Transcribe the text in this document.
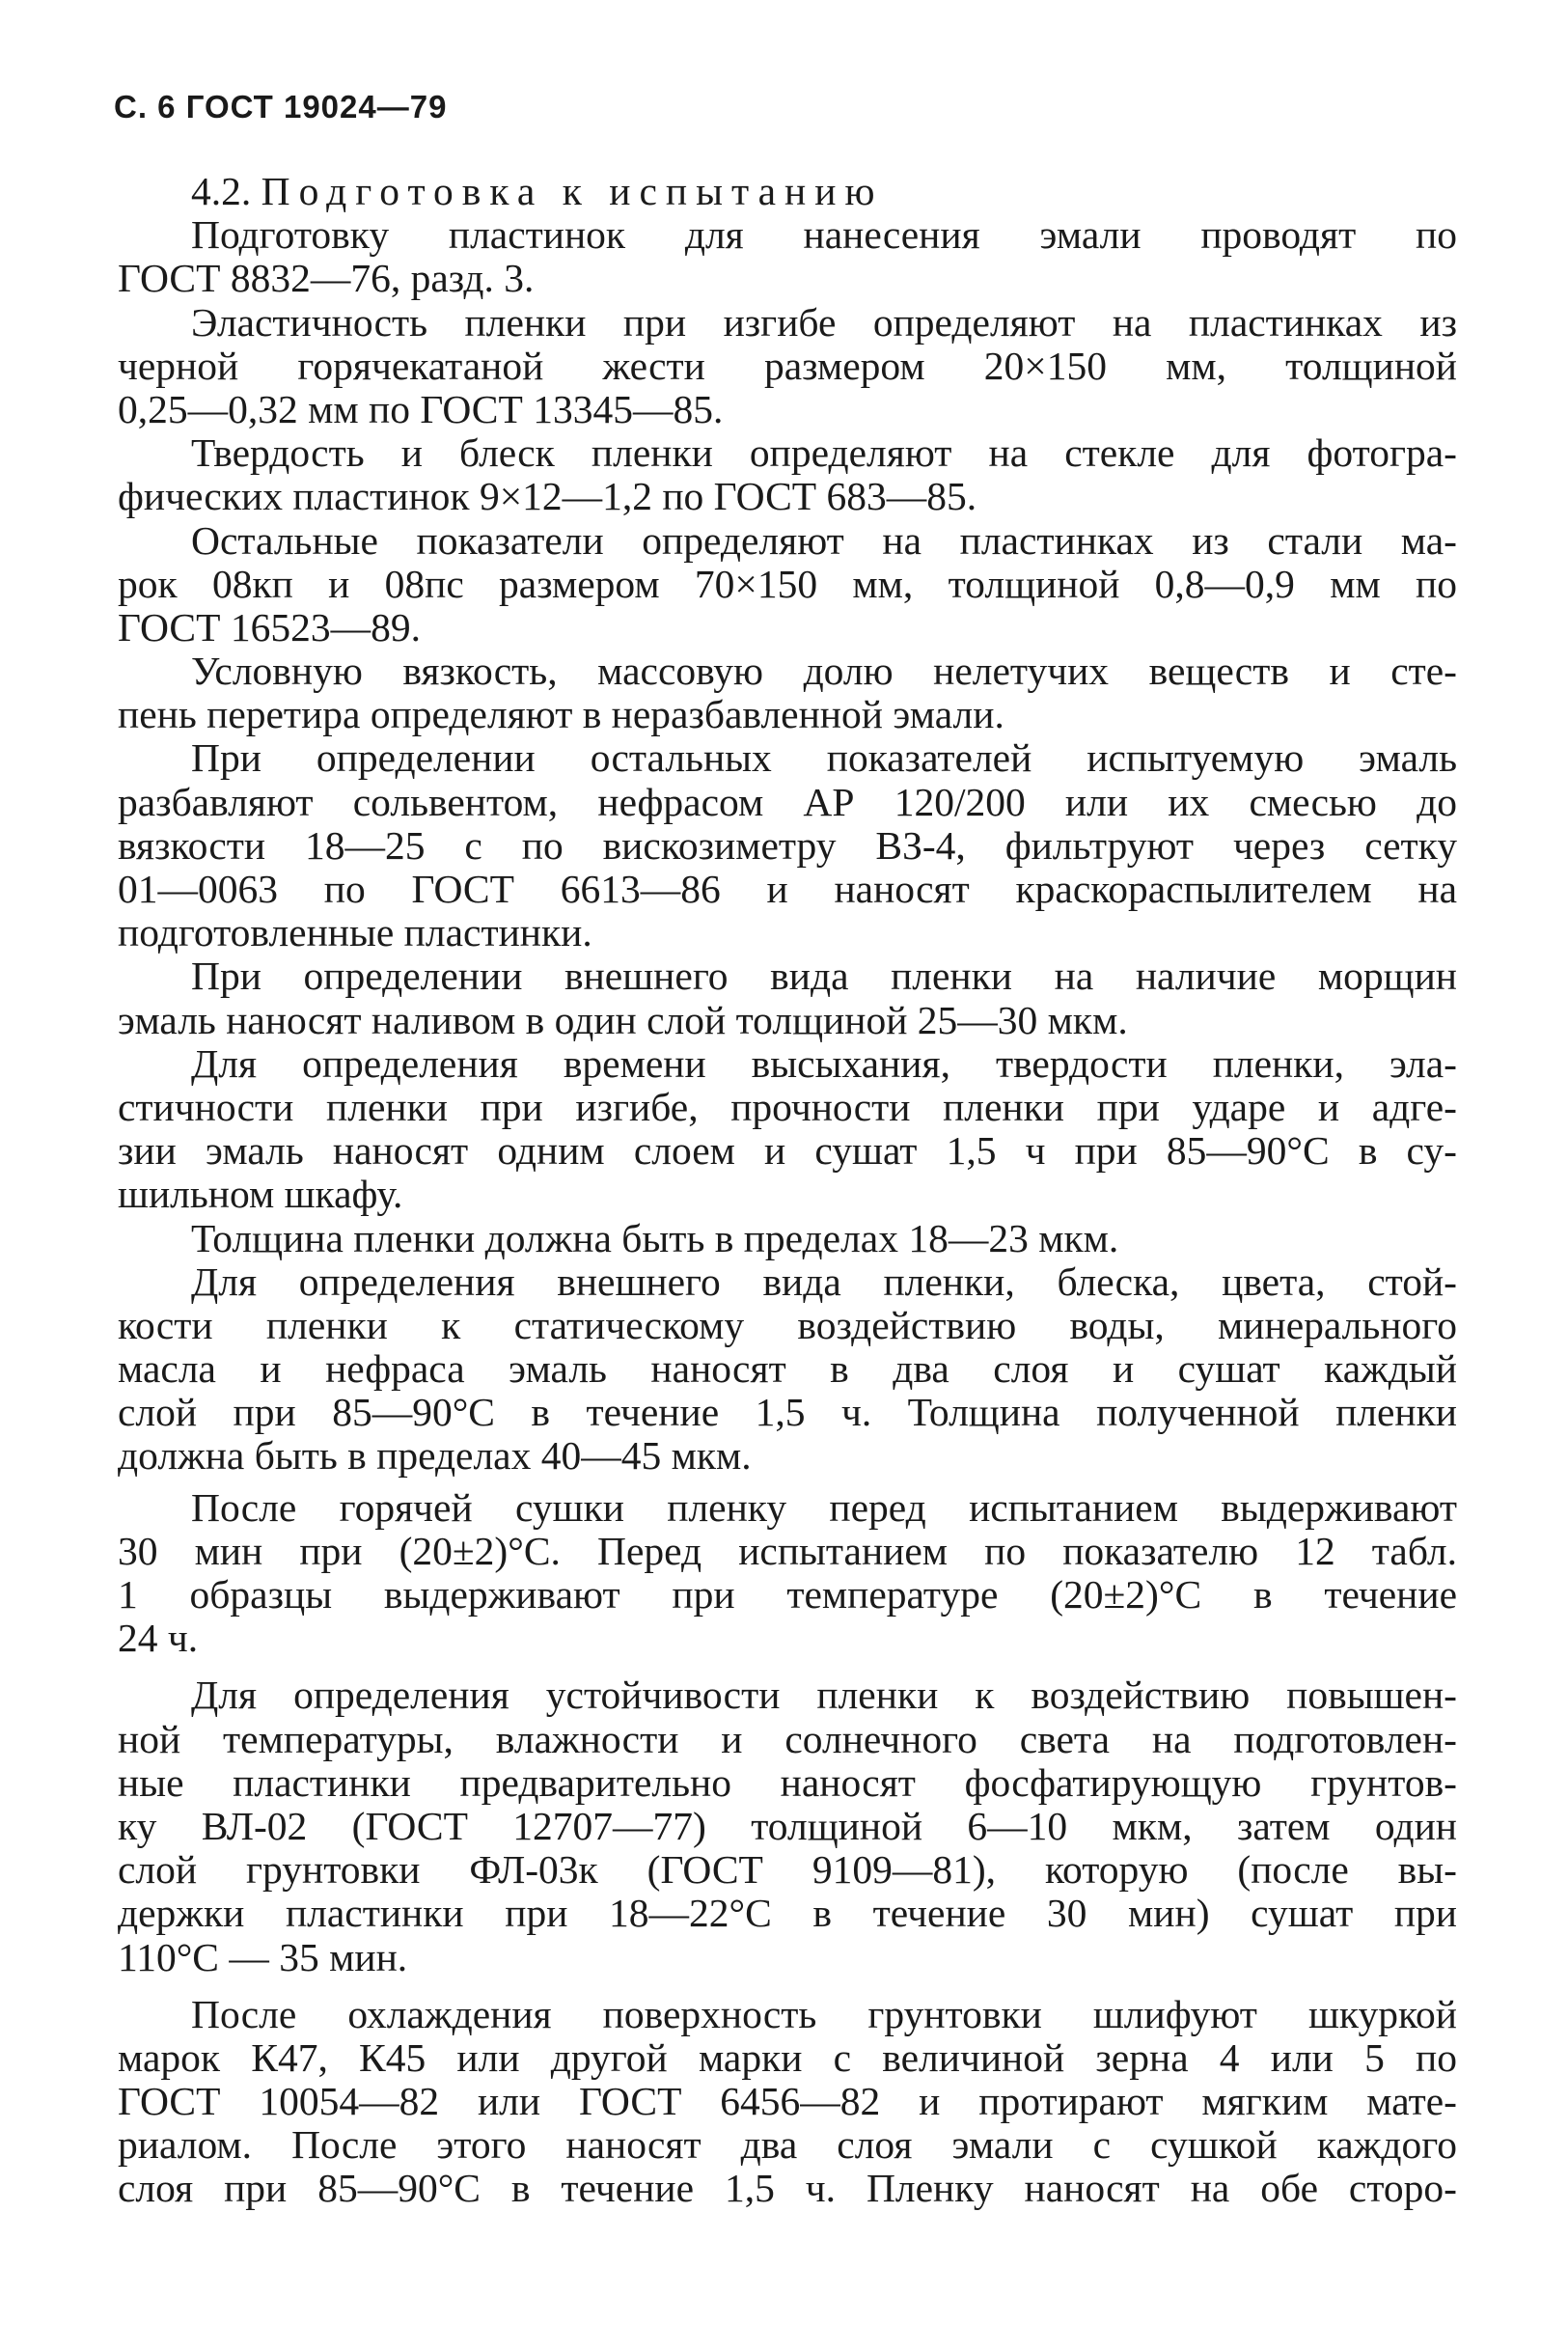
С. 6 ГОСТ 19024—79
4.2. Подготовка к испытанию
Подготовку пластинок для нанесения эмали проводят по
ГОСТ 8832—76, разд. 3.
Эластичность пленки при изгибе определяют на пластинках из
черной горячекатаной жести размером 20×150 мм, толщиной
0,25—0,32 мм по ГОСТ 13345—85.
Твердость и блеск пленки определяют на стекле для фотогра-
фических пластинок 9×12—1,2 по ГОСТ 683—85.
Остальные показатели определяют на пластинках из стали ма-
рок 08кп и 08пс размером 70×150 мм, толщиной 0,8—0,9 мм по
ГОСТ 16523—89.
Условную вязкость, массовую долю нелетучих веществ и сте-
пень перетира определяют в неразбавленной эмали.
При определении остальных показателей испытуемую эмаль
разбавляют сольвентом, нефрасом АР 120/200 или их смесью до
вязкости 18—25 с по вискозиметру ВЗ-4, фильтруют через сетку
01—0063 по ГОСТ 6613—86 и наносят краскораспылителем на
подготовленные пластинки.
При определении внешнего вида пленки на наличие морщин
эмаль наносят наливом в один слой толщиной 25—30 мкм.
Для определения времени высыхания, твердости пленки, эла-
стичности пленки при изгибе, прочности пленки при ударе и адге-
зии эмаль наносят одним слоем и сушат 1,5 ч при 85—90°С в су-
шильном шкафу.
Толщина пленки должна быть в пределах 18—23 мкм.
Для определения внешнего вида пленки, блеска, цвета, стой-
кости пленки к статическому воздействию воды, минерального
масла и нефраса эмаль наносят в два слоя и сушат каждый
слой при 85—90°С в течение 1,5 ч. Толщина полученной пленки
должна быть в пределах 40—45 мкм.
После горячей сушки пленку перед испытанием выдерживают
30 мин при (20±2)°С. Перед испытанием по показателю 12 табл.
1 образцы выдерживают при температуре (20±2)°С в течение
24 ч.
Для определения устойчивости пленки к воздействию повышен-
ной температуры, влажности и солнечного света на подготовлен-
ные пластинки предварительно наносят фосфатирующую грунтов-
ку ВЛ-02 (ГОСТ 12707—77) толщиной 6—10 мкм, затем один
слой грунтовки ФЛ-03к (ГОСТ 9109—81), которую (после вы-
держки пластинки при 18—22°С в течение 30 мин) сушат при
110°С — 35 мин.
После охлаждения поверхность грунтовки шлифуют шкуркой
марок К47, К45 или другой марки с величиной зерна 4 или 5 по
ГОСТ 10054—82 или ГОСТ 6456—82 и протирают мягким мате-
риалом. После этого наносят два слоя эмали с сушкой каждого
слоя при 85—90°С в течение 1,5 ч. Пленку наносят на обе сторо-
